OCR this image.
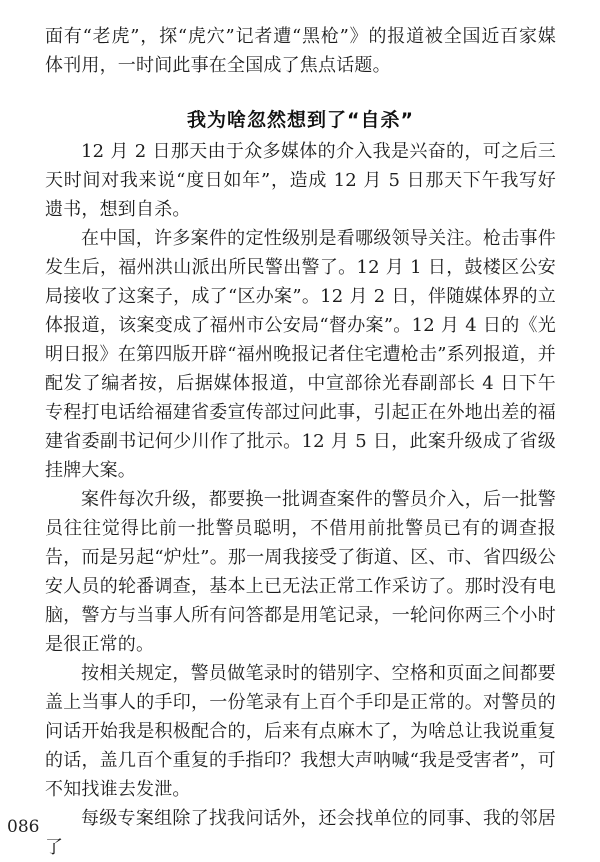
面有“老虎”，探“虎穴”记者遭“黑枪”》的报道被全国近百家媒体刊用，一时间此事在全国成了焦点话题。

我为啥忽然想到了“自杀”

12 月 2 日那天由于众多媒体的介入我是兴奋的，可之后三天时间对我来说“度日如年”，造成 12 月 5 日那天下午我写好遗书，想到自杀。

在中国，许多案件的定性级别是看哪级领导关注。枪击事件发生后，福州洪山派出所民警出警了。12 月 1 日，鼓楼区公安局接收了这案子，成了“区办案”。12 月 2 日，伴随媒体界的立体报道，该案变成了福州市公安局“督办案”。12 月 4 日的《光明日报》在第四版开辟“福州晚报记者住宅遭枪击”系列报道，并配发了编者按，后据媒体报道，中宣部徐光春副部长 4 日下午专程打电话给福建省委宣传部过问此事，引起正在外地出差的福建省委副书记何少川作了批示。12 月 5 日，此案升级成了省级挂牌大案。

案件每次升级，都要换一批调查案件的警员介入，后一批警员往往觉得比前一批警员聪明，不借用前批警员已有的调查报告，而是另起“炉灶”。那一周我接受了街道、区、市、省四级公安人员的轮番调查，基本上已无法正常工作采访了。那时没有电脑，警方与当事人所有问答都是用笔记录，一轮问你两三个小时是很正常的。

按相关规定，警员做笔录时的错别字、空格和页面之间都要盖上当事人的手印，一份笔录有上百个手印是正常的。对警员的问话开始我是积极配合的，后来有点麻木了，为啥总让我说重复的话，盖几百个重复的手指印？我想大声呐喊“我是受害者”，可不知找谁去发泄。

每级专案组除了找我问话外，还会找单位的同事、我的邻居了

086
